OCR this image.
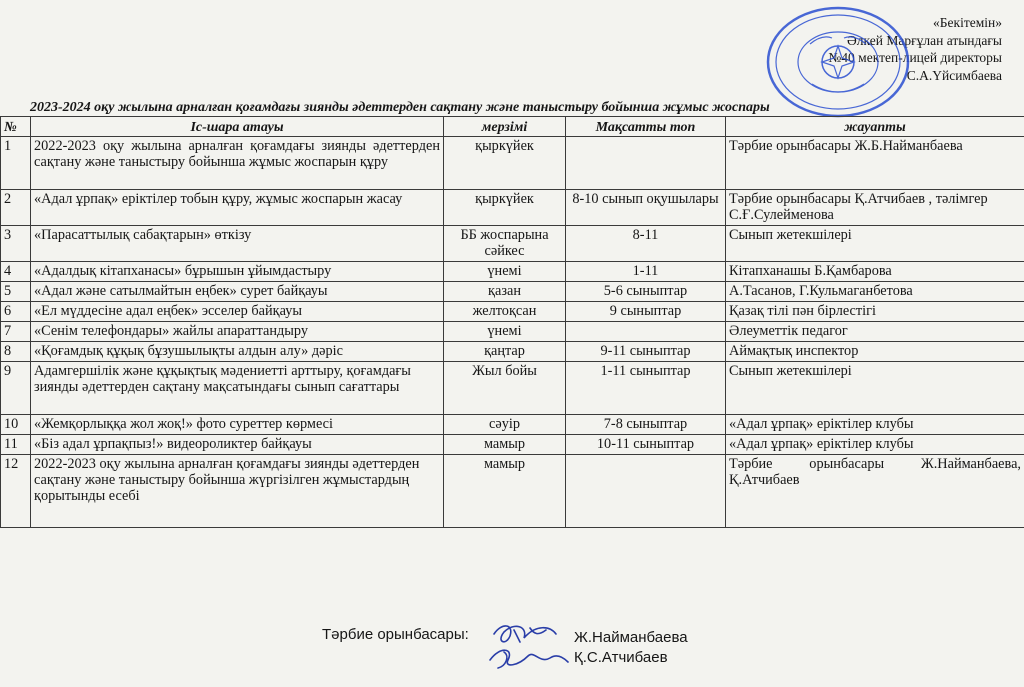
«Бекітемін»
Әлкей Марғұлан атындағы
№40 мектеп-лицей директоры
С.А.Үйсимбаева
2023-2024 оқу жылына арналған қоғамдағы зиянды әдеттерден сақтану және таныстыру бойынша жұмыс жоспары
№	Іс-шара атауы	мерзімі	Мақсатты топ	жауапты
1	2022-2023 оқу жылына арналған қоғамдағы зиянды әдеттерден сақтану және таныстыру бойынша жұмыс жоспарын құру	қыркүйек		Тәрбие орынбасары Ж.Б.Найманбаева
2	«Адал ұрпақ» еріктілер тобын құру, жұмыс жоспарын жасау	қыркүйек	8-10 сынып оқушылары	Тәрбие орынбасары Қ.Атчибаев , тәлімгер С.Ғ.Сулейменова
3	«Парасаттылық сабақтарын» өткізу	ББ жоспарына сәйкес	8-11	Сынып жетекшілері
4	«Адалдық кітапханасы» бұрышын ұйымдастыру	үнемі	1-11	Кітапханашы Б.Қамбарова
5	«Адал және сатылмайтын еңбек» сурет байқауы	қазан	5-6 сыныптар	А.Тасанов, Г.Кульмаганбетова
6	«Ел мүддесіне адал еңбек» эсселер байқауы	желтоқсан	9 сыныптар	Қазақ тілі пән бірлестігі
7	«Сенім телефондары» жайлы апараттандыру	үнемі		Әлеуметтік педагог
8	«Қоғамдық құқық бұзушылықты алдын алу» дәріс	қаңтар	9-11 сыныптар	Аймақтық инспектор
9	Адамгершілік және құқықтық мәдениетті арттыру, қоғамдағы зиянды әдеттерден сақтану мақсатындағы сынып сағаттары	Жыл бойы	1-11 сыныптар	Сынып жетекшілері
10	«Жемқорлыққа жол жоқ!» фото суреттер көрмесі	сәуір	7-8 сыныптар	«Адал ұрпақ» еріктілер клубы
11	«Біз адал ұрпақпыз!» видеороликтер байқауы	мамыр	10-11 сыныптар	«Адал ұрпақ» еріктілер клубы
12	2022-2023 оқу жылына арналған қоғамдағы зиянды әдеттерден сақтану және таныстыру бойынша жүргізілген жұмыстардың қорытынды есебі	мамыр		Тәрбие орынбасары Ж.Найманбаева, Қ.Атчибаев
Тәрбие орынбасары:	Ж.Найманбаева
Қ.С.Атчибаев
